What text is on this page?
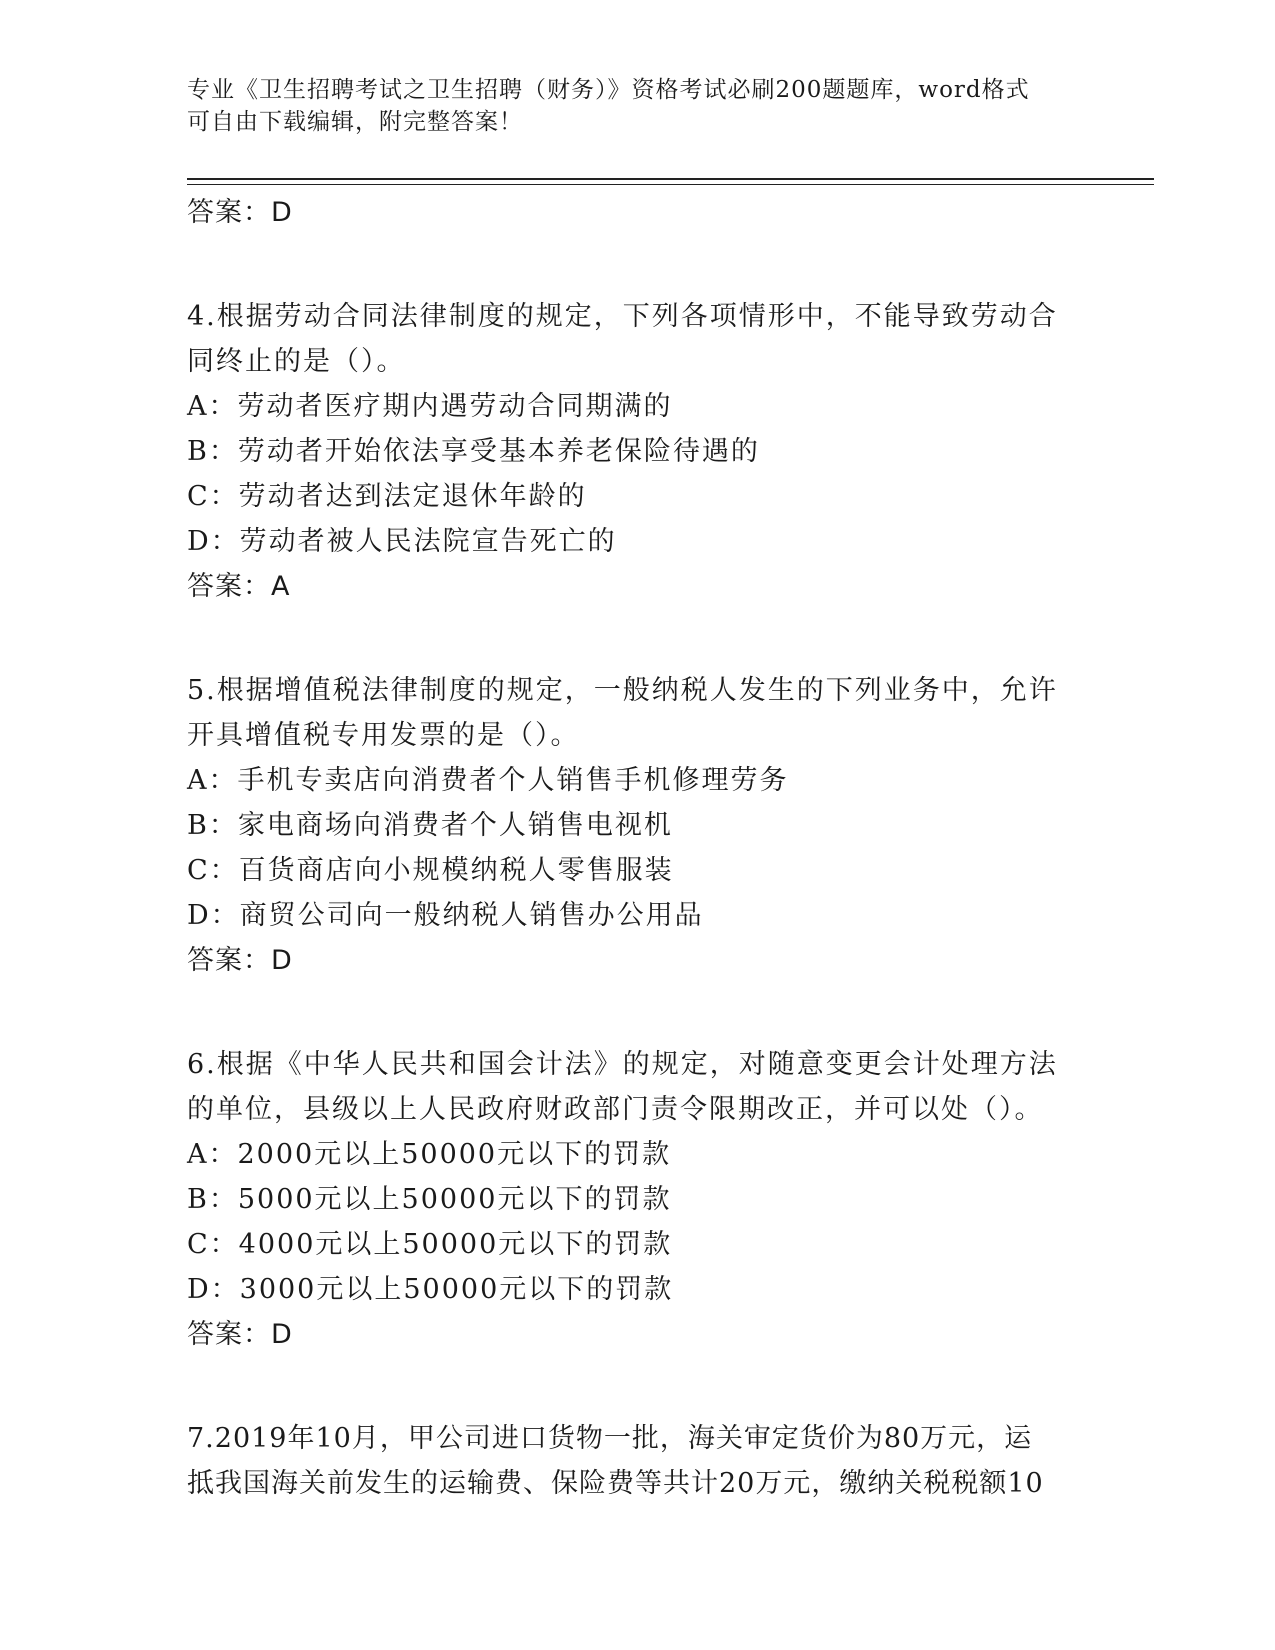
专业《卫生招聘考试之卫生招聘（财务）》资格考试必刷200题题库，word格式
可自由下载编辑，附完整答案！
答案：D
4.根据劳动合同法律制度的规定，下列各项情形中，不能导致劳动合
同终止的是（）。
A：劳动者医疗期内遇劳动合同期满的
B：劳动者开始依法享受基本养老保险待遇的
C：劳动者达到法定退休年龄的
D：劳动者被人民法院宣告死亡的
答案：A
5.根据增值税法律制度的规定，一般纳税人发生的下列业务中，允许
开具增值税专用发票的是（）。
A：手机专卖店向消费者个人销售手机修理劳务
B：家电商场向消费者个人销售电视机
C：百货商店向小规模纳税人零售服装
D：商贸公司向一般纳税人销售办公用品
答案：D
6.根据《中华人民共和国会计法》的规定，对随意变更会计处理方法
的单位，县级以上人民政府财政部门责令限期改正，并可以处（）。
A：2000元以上50000元以下的罚款
B：5000元以上50000元以下的罚款
C：4000元以上50000元以下的罚款
D：3000元以上50000元以下的罚款
答案：D
7.2019年10月，甲公司进口货物一批，海关审定货价为80万元，运
抵我国海关前发生的运输费、保险费等共计20万元，缴纳关税税额10
